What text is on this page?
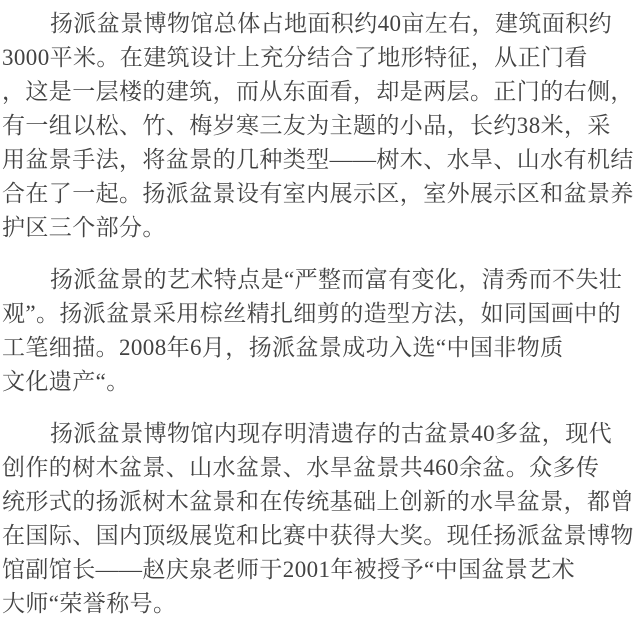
扬派盆景博物馆总体占地面积约40亩左右，建筑面积约
3000平米。在建筑设计上充分结合了地形特征，从正门看
，这是一层楼的建筑，而从东面看，却是两层。正门的右侧，
有一组以松、竹、梅岁寒三友为主题的小品，长约38米，采
用盆景手法，将盆景的几种类型——树木、水旱、山水有机结
合在了一起。扬派盆景设有室内展示区，室外展示区和盆景养
护区三个部分。

扬派盆景的艺术特点是“严整而富有变化，清秀而不失壮
观”。扬派盆景采用棕丝精扎细剪的造型方法，如同国画中的
工笔细描。2008年6月，扬派盆景成功入选“中国非物质
文化遗产“。

扬派盆景博物馆内现存明清遗存的古盆景40多盆，现代
创作的树木盆景、山水盆景、水旱盆景共460余盆。众多传
统形式的扬派树木盆景和在传统基础上创新的水旱盆景，都曾
在国际、国内顶级展览和比赛中获得大奖。现任扬派盆景博物
馆副馆长——赵庆泉老师于2001年被授予“中国盆景艺术
大师“荣誉称号。
